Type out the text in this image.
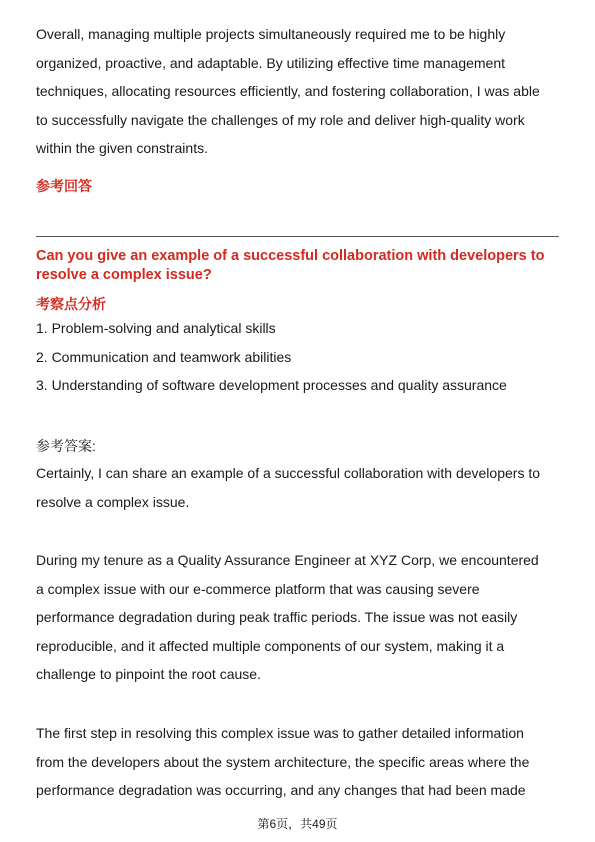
Overall, managing multiple projects simultaneously required me to be highly
organized, proactive, and adaptable. By utilizing effective time management
techniques, allocating resources efficiently, and fostering collaboration, I was able
to successfully navigate the challenges of my role and deliver high-quality work
within the given constraints.

参考回答

Can you give an example of a successful collaboration with developers to
resolve a complex issue?

考察点分析

1. Problem-solving and analytical skills
2. Communication and teamwork abilities
3. Understanding of software development processes and quality assurance

参考答案:

Certainly, I can share an example of a successful collaboration with developers to
resolve a complex issue.

During my tenure as a Quality Assurance Engineer at XYZ Corp, we encountered
a complex issue with our e-commerce platform that was causing severe
performance degradation during peak traffic periods. The issue was not easily
reproducible, and it affected multiple components of our system, making it a
challenge to pinpoint the root cause.

The first step in resolving this complex issue was to gather detailed information
from the developers about the system architecture, the specific areas where the
performance degradation was occurring, and any changes that had been made

第6页，共49页
